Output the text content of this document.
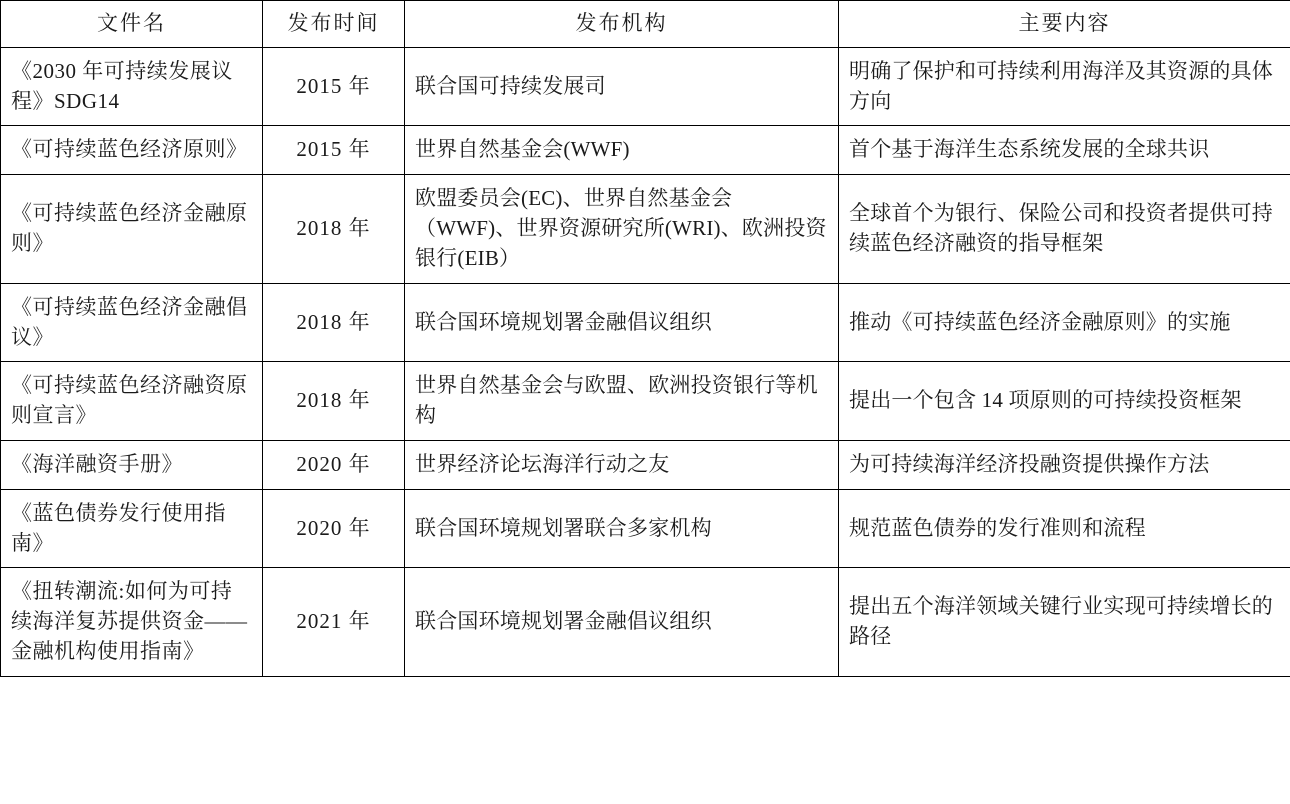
文件名	发布时间	发布机构	主要内容
《2030 年可持续发展议程》SDG14	2015 年	联合国可持续发展司	明确了保护和可持续利用海洋及其资源的具体方向
《可持续蓝色经济原则》	2015 年	世界自然基金会(WWF)	首个基于海洋生态系统发展的全球共识
《可持续蓝色经济金融原则》	2018 年	欧盟委员会(EC)、世界自然基金会（WWF)、世界资源研究所(WRI)、欧洲投资银行(EIB）	全球首个为银行、保险公司和投资者提供可持续蓝色经济融资的指导框架
《可持续蓝色经济金融倡议》	2018 年	联合国环境规划署金融倡议组织	推动《可持续蓝色经济金融原则》的实施
《可持续蓝色经济融资原则宣言》	2018 年	世界自然基金会与欧盟、欧洲投资银行等机构	提出一个包含 14 项原则的可持续投资框架
《海洋融资手册》	2020 年	世界经济论坛海洋行动之友	为可持续海洋经济投融资提供操作方法
《蓝色债券发行使用指南》	2020 年	联合国环境规划署联合多家机构	规范蓝色债券的发行准则和流程
《扭转潮流:如何为可持续海洋复苏提供资金——金融机构使用指南》	2021 年	联合国环境规划署金融倡议组织	提出五个海洋领域关键行业实现可持续增长的路径
